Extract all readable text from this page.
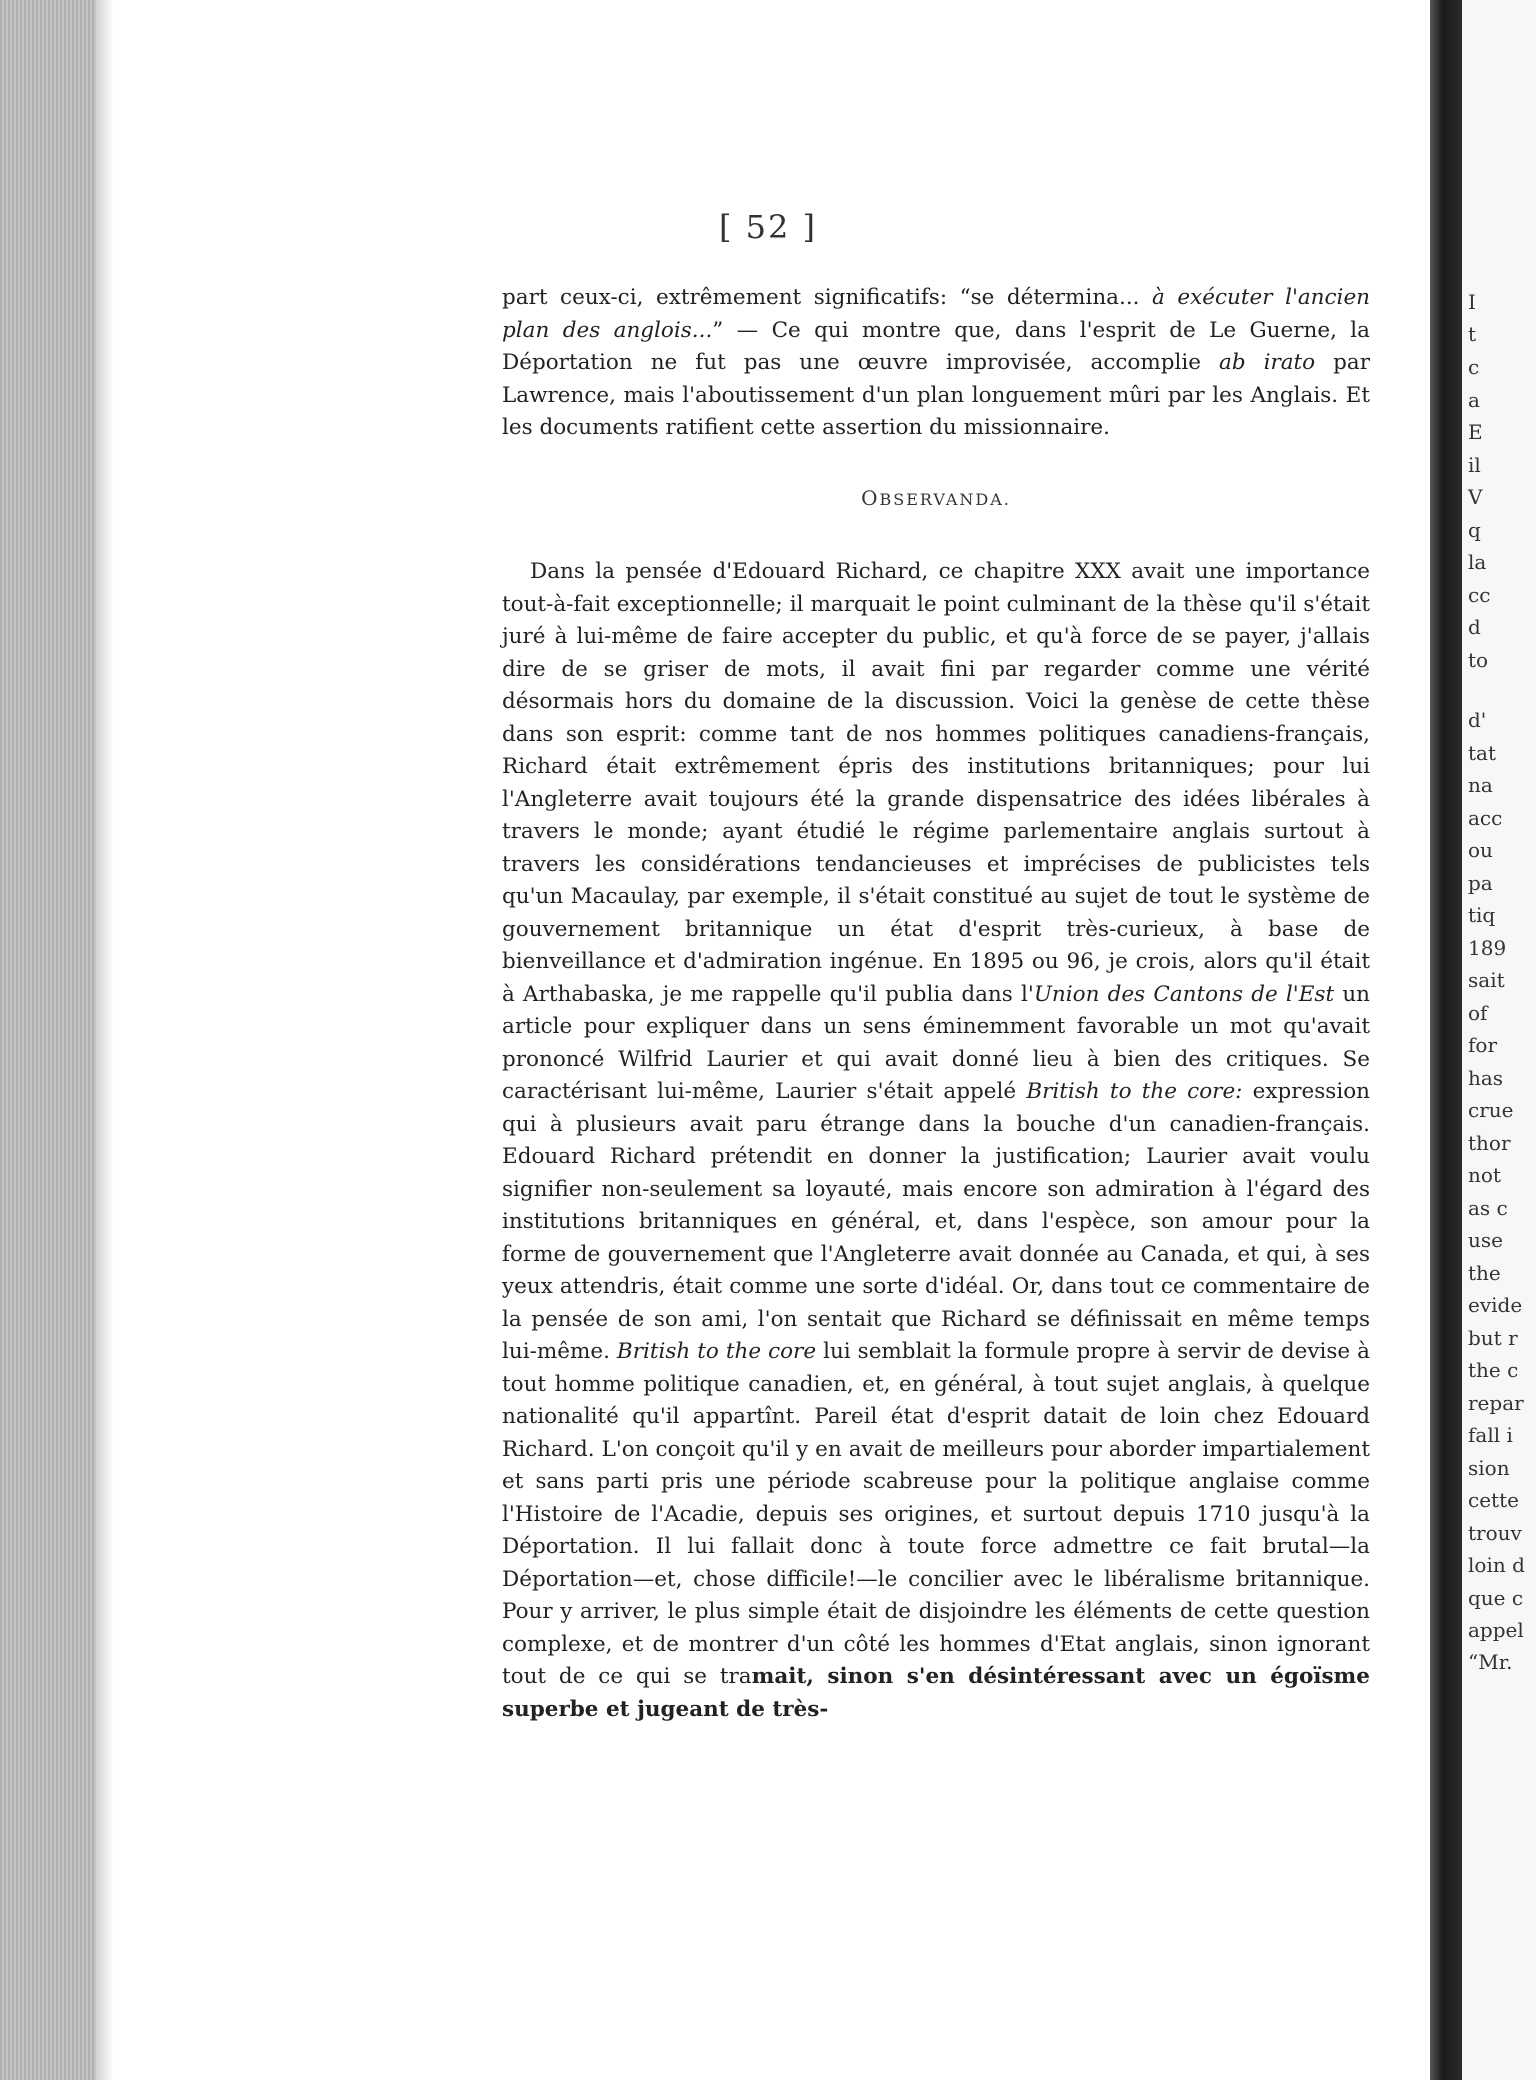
I
t
c
a
E
il
V
q
la
cc
d
to
d'
tat
na
acc
ou
pa
tiq
189
sait
of
for
has
crue
thor
not
as c
use
the
evide
but r
the c
repar
fall i
sion
cette
trouv
loin d
que c
appel
“Mr.
[ 52 ]

part ceux-ci, extrêmement significatifs: “se détermina... à exécuter l'ancien plan des anglois...” — Ce qui montre que, dans l'esprit de Le Guerne, la Déportation ne fut pas une œuvre improvisée, accomplie ab irato par Lawrence, mais l'aboutissement d'un plan longuement mûri par les Anglais. Et les documents ratifient cette assertion du missionnaire.

OBSERVANDA.

Dans la pensée d'Edouard Richard, ce chapitre XXX avait une importance tout-à-fait exceptionnelle; il marquait le point culminant de la thèse qu'il s'était juré à lui-même de faire accepter du public, et qu'à force de se payer, j'allais dire de se griser de mots, il avait fini par regarder comme une vérité désormais hors du domaine de la discussion. Voici la genèse de cette thèse dans son esprit: comme tant de nos hommes politiques canadiens-français, Richard était extrêmement épris des institutions britanniques; pour lui l'Angleterre avait toujours été la grande dispensatrice des idées libérales à travers le monde; ayant étudié le régime parlementaire anglais surtout à travers les considérations tendancieuses et imprécises de publicistes tels qu'un Macaulay, par exemple, il s'était constitué au sujet de tout le système de gouvernement britannique un état d'esprit très-curieux, à base de bienveillance et d'admiration ingénue. En 1895 ou 96, je crois, alors qu'il était à Arthabaska, je me rappelle qu'il publia dans l'Union des Cantons de l'Est un article pour expliquer dans un sens éminemment favorable un mot qu'avait prononcé Wilfrid Laurier et qui avait donné lieu à bien des critiques. Se caractérisant lui-même, Laurier s'était appelé British to the core: expression qui à plusieurs avait paru étrange dans la bouche d'un canadien-français. Edouard Richard prétendit en donner la justification; Laurier avait voulu signifier non-seulement sa loyauté, mais encore son admiration à l'égard des institutions britanniques en général, et, dans l'espèce, son amour pour la forme de gouvernement que l'Angleterre avait donnée au Canada, et qui, à ses yeux attendris, était comme une sorte d'idéal. Or, dans tout ce commentaire de la pensée de son ami, l'on sentait que Richard se définissait en même temps lui-même. British to the core lui semblait la formule propre à servir de devise à tout homme politique canadien, et, en général, à tout sujet anglais, à quelque nationalité qu'il appartînt. Pareil état d'esprit datait de loin chez Edouard Richard. L'on conçoit qu'il y en avait de meilleurs pour aborder impartialement et sans parti pris une période scabreuse pour la politique anglaise comme l'Histoire de l'Acadie, depuis ses origines, et surtout depuis 1710 jusqu'à la Déportation. Il lui fallait donc à toute force admettre ce fait brutal—la Déportation—et, chose difficile!—le concilier avec le libéralisme britannique. Pour y arriver, le plus simple était de disjoindre les éléments de cette question complexe, et de montrer d'un côté les hommes d'Etat anglais, sinon ignorant tout de ce qui se tramait, sinon s'en désintéressant avec un égoïsme superbe et jugeant de très-
